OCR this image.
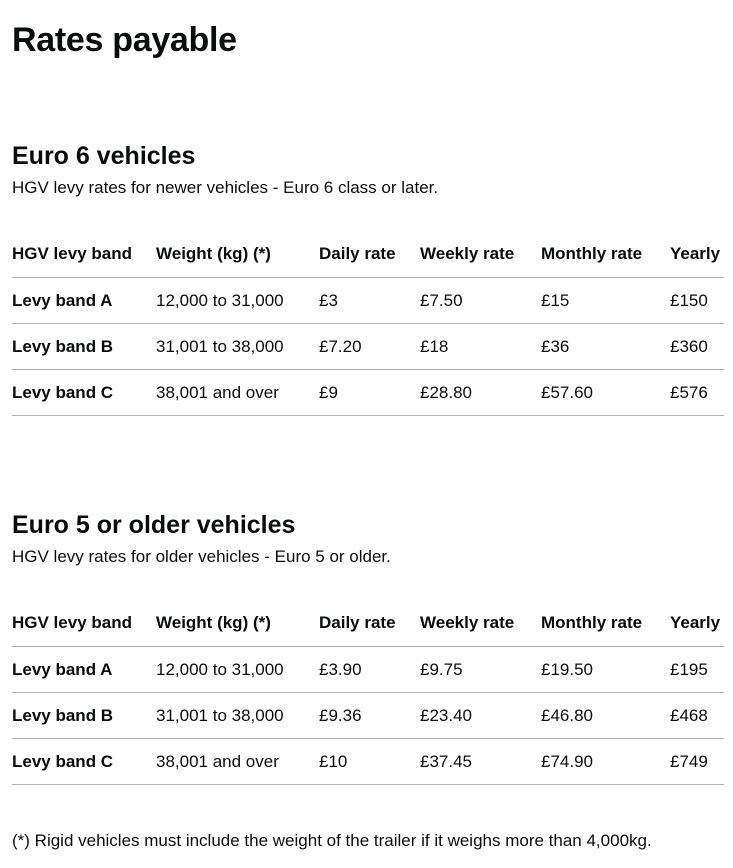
Rates payable
Euro 6 vehicles

HGV levy rates for newer vehicles - Euro 6 class or later.

HGV levy band	Weight (kg) (*)	Daily rate	Weekly rate	Monthly rate	Yearly
Levy band A	12,000 to 31,000	£3	£7.50	£15	£150
Levy band B	31,001 to 38,000	£7.20	£18	£36	£360
Levy band C	38,001 and over	£9	£28.80	£57.60	£576
Euro 5 or older vehicles

HGV levy rates for older vehicles - Euro 5 or older.

HGV levy band	Weight (kg) (*)	Daily rate	Weekly rate	Monthly rate	Yearly
Levy band A	12,000 to 31,000	£3.90	£9.75	£19.50	£195
Levy band B	31,001 to 38,000	£9.36	£23.40	£46.80	£468
Levy band C	38,001 and over	£10	£37.45	£74.90	£749

(*) Rigid vehicles must include the weight of the trailer if it weighs more than 4,000kg.
